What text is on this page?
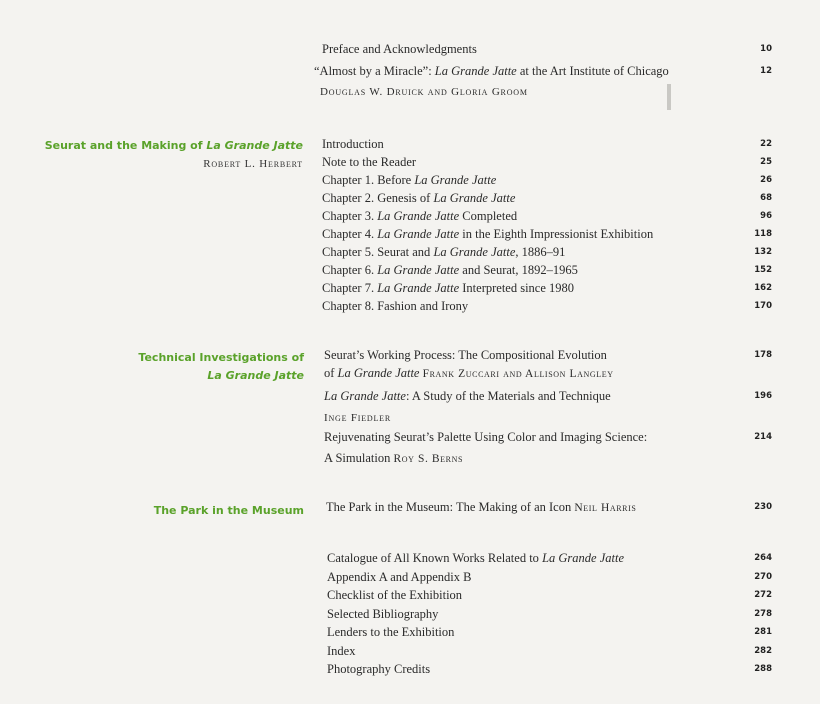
Preface and Acknowledgments	10
“Almost by a Miracle”: La Grande Jatte at the Art Institute of Chicago	12
Douglas W. Druick and Gloria Groom
Seurat and the Making of La Grande Jatte
Robert L. Herbert
Introduction	22
Note to the Reader	25
Chapter 1. Before La Grande Jatte	26
Chapter 2. Genesis of La Grande Jatte	68
Chapter 3. La Grande Jatte Completed	96
Chapter 4. La Grande Jatte in the Eighth Impressionist Exhibition	118
Chapter 5. Seurat and La Grande Jatte, 1886–91	132
Chapter 6. La Grande Jatte and Seurat, 1892–1965	152
Chapter 7. La Grande Jatte Interpreted since 1980	162
Chapter 8. Fashion and Irony	170
Technical Investigations of
La Grande Jatte
Seurat’s Working Process: The Compositional Evolution	178
of La Grande Jatte Frank Zuccari and Allison Langley
La Grande Jatte: A Study of the Materials and Technique	196
Inge Fiedler
Rejuvenating Seurat’s Palette Using Color and Imaging Science:	214
A Simulation Roy S. Berns
The Park in the Museum The Park in the Museum: The Making of an Icon Neil Harris	230
Catalogue of All Known Works Related to La Grande Jatte	264
Appendix A and Appendix B	270
Checklist of the Exhibition	272
Selected Bibliography	278
Lenders to the Exhibition	281
Index	282
Photography Credits	288
